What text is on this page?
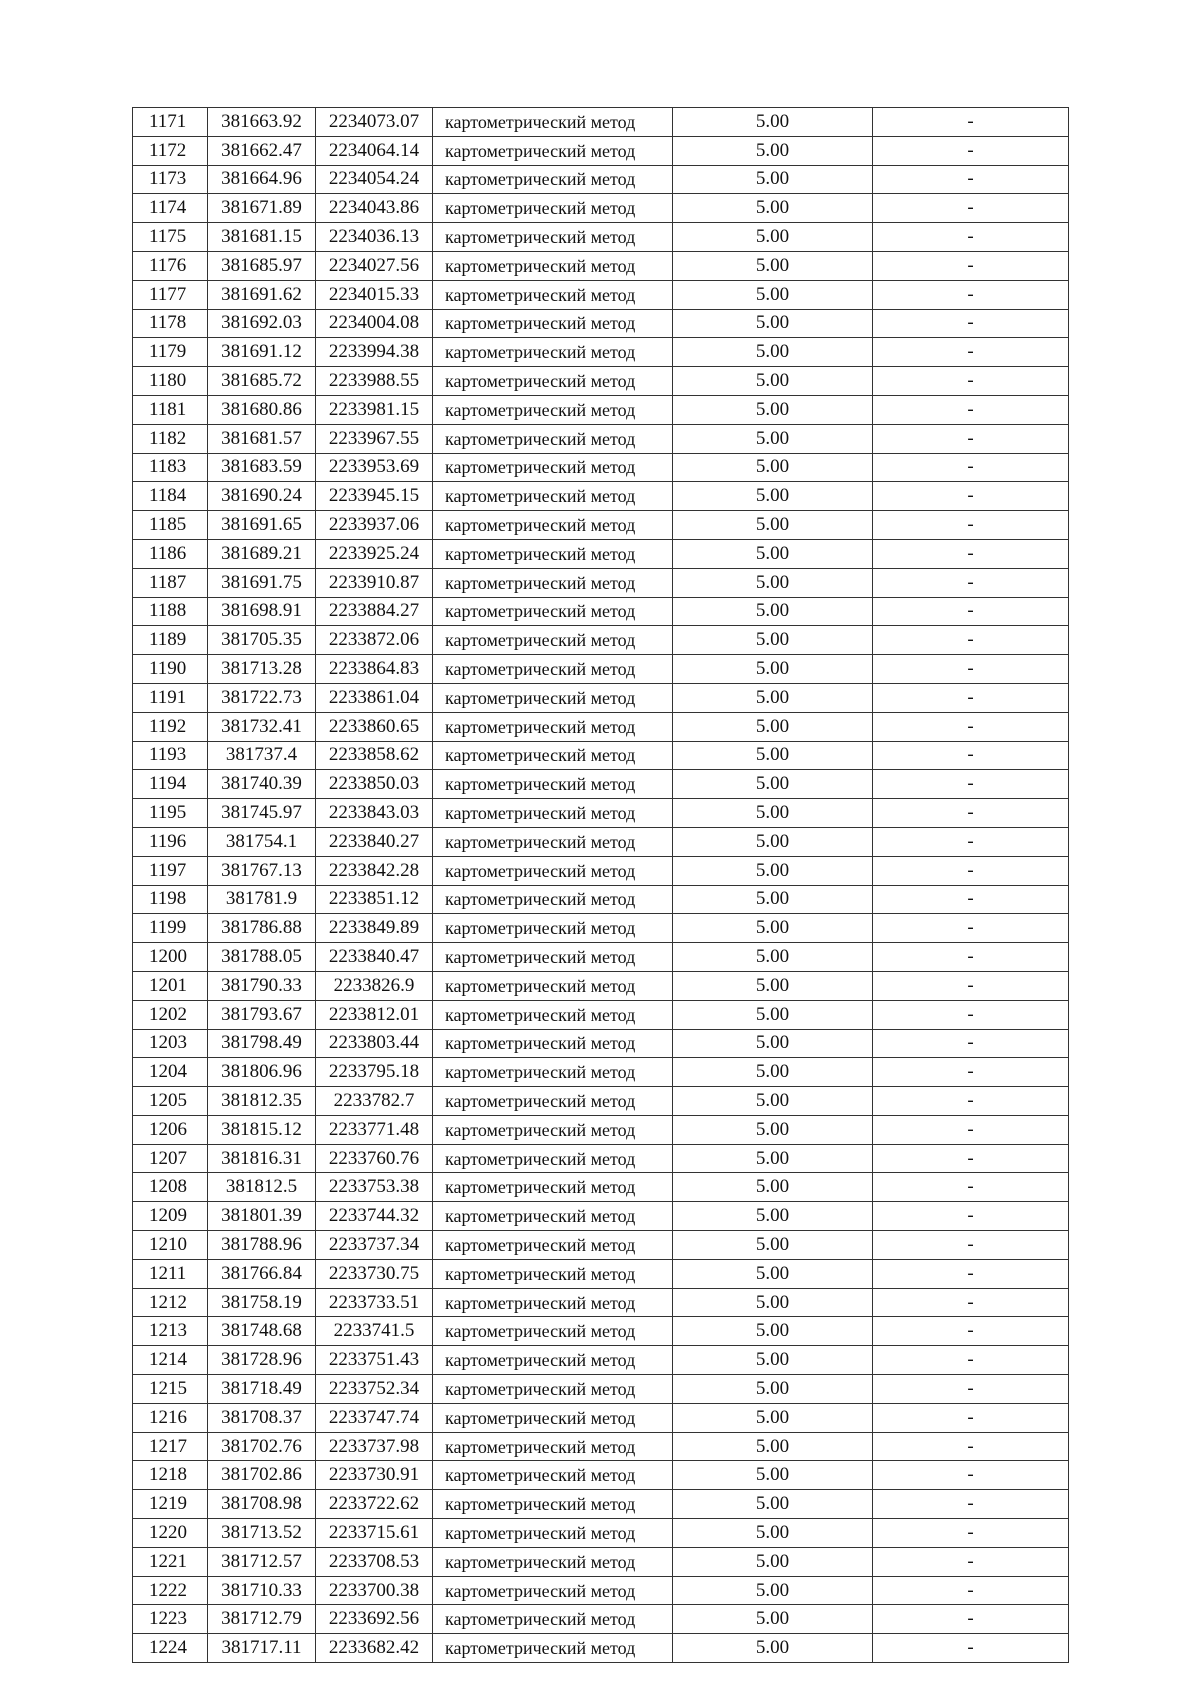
1171	381663.92	2234073.07	картометрический метод	5.00	-
1172	381662.47	2234064.14	картометрический метод	5.00	-
1173	381664.96	2234054.24	картометрический метод	5.00	-
1174	381671.89	2234043.86	картометрический метод	5.00	-
1175	381681.15	2234036.13	картометрический метод	5.00	-
1176	381685.97	2234027.56	картометрический метод	5.00	-
1177	381691.62	2234015.33	картометрический метод	5.00	-
1178	381692.03	2234004.08	картометрический метод	5.00	-
1179	381691.12	2233994.38	картометрический метод	5.00	-
1180	381685.72	2233988.55	картометрический метод	5.00	-
1181	381680.86	2233981.15	картометрический метод	5.00	-
1182	381681.57	2233967.55	картометрический метод	5.00	-
1183	381683.59	2233953.69	картометрический метод	5.00	-
1184	381690.24	2233945.15	картометрический метод	5.00	-
1185	381691.65	2233937.06	картометрический метод	5.00	-
1186	381689.21	2233925.24	картометрический метод	5.00	-
1187	381691.75	2233910.87	картометрический метод	5.00	-
1188	381698.91	2233884.27	картометрический метод	5.00	-
1189	381705.35	2233872.06	картометрический метод	5.00	-
1190	381713.28	2233864.83	картометрический метод	5.00	-
1191	381722.73	2233861.04	картометрический метод	5.00	-
1192	381732.41	2233860.65	картометрический метод	5.00	-
1193	381737.4	2233858.62	картометрический метод	5.00	-
1194	381740.39	2233850.03	картометрический метод	5.00	-
1195	381745.97	2233843.03	картометрический метод	5.00	-
1196	381754.1	2233840.27	картометрический метод	5.00	-
1197	381767.13	2233842.28	картометрический метод	5.00	-
1198	381781.9	2233851.12	картометрический метод	5.00	-
1199	381786.88	2233849.89	картометрический метод	5.00	-
1200	381788.05	2233840.47	картометрический метод	5.00	-
1201	381790.33	2233826.9	картометрический метод	5.00	-
1202	381793.67	2233812.01	картометрический метод	5.00	-
1203	381798.49	2233803.44	картометрический метод	5.00	-
1204	381806.96	2233795.18	картометрический метод	5.00	-
1205	381812.35	2233782.7	картометрический метод	5.00	-
1206	381815.12	2233771.48	картометрический метод	5.00	-
1207	381816.31	2233760.76	картометрический метод	5.00	-
1208	381812.5	2233753.38	картометрический метод	5.00	-
1209	381801.39	2233744.32	картометрический метод	5.00	-
1210	381788.96	2233737.34	картометрический метод	5.00	-
1211	381766.84	2233730.75	картометрический метод	5.00	-
1212	381758.19	2233733.51	картометрический метод	5.00	-
1213	381748.68	2233741.5	картометрический метод	5.00	-
1214	381728.96	2233751.43	картометрический метод	5.00	-
1215	381718.49	2233752.34	картометрический метод	5.00	-
1216	381708.37	2233747.74	картометрический метод	5.00	-
1217	381702.76	2233737.98	картометрический метод	5.00	-
1218	381702.86	2233730.91	картометрический метод	5.00	-
1219	381708.98	2233722.62	картометрический метод	5.00	-
1220	381713.52	2233715.61	картометрический метод	5.00	-
1221	381712.57	2233708.53	картометрический метод	5.00	-
1222	381710.33	2233700.38	картометрический метод	5.00	-
1223	381712.79	2233692.56	картометрический метод	5.00	-
1224	381717.11	2233682.42	картометрический метод	5.00	-
